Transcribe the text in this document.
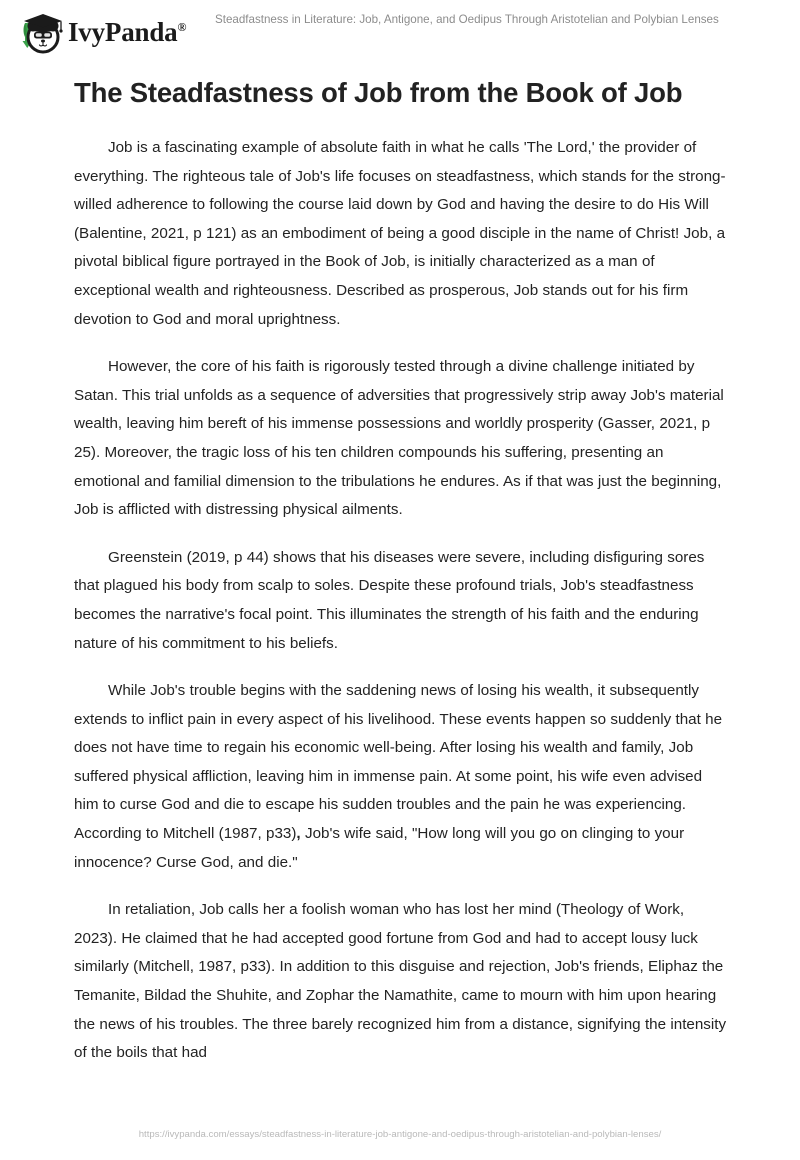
IvyPanda® Steadfastness in Literature: Job, Antigone, and Oedipus Through Aristotelian and Polybian Lenses
The Steadfastness of Job from the Book of Job

Job is a fascinating example of absolute faith in what he calls 'The Lord,' the provider of everything. The righteous tale of Job's life focuses on steadfastness, which stands for the strong-willed adherence to following the course laid down by God and having the desire to do His Will (Balentine, 2021, p 121) as an embodiment of being a good disciple in the name of Christ! Job, a pivotal biblical figure portrayed in the Book of Job, is initially characterized as a man of exceptional wealth and righteousness. Described as prosperous, Job stands out for his firm devotion to God and moral uprightness.

However, the core of his faith is rigorously tested through a divine challenge initiated by Satan. This trial unfolds as a sequence of adversities that progressively strip away Job's material wealth, leaving him bereft of his immense possessions and worldly prosperity (Gasser, 2021, p 25). Moreover, the tragic loss of his ten children compounds his suffering, presenting an emotional and familial dimension to the tribulations he endures. As if that was just the beginning, Job is afflicted with distressing physical ailments.

Greenstein (2019, p 44) shows that his diseases were severe, including disfiguring sores that plagued his body from scalp to soles. Despite these profound trials, Job's steadfastness becomes the narrative's focal point. This illuminates the strength of his faith and the enduring nature of his commitment to his beliefs.

While Job's trouble begins with the saddening news of losing his wealth, it subsequently extends to inflict pain in every aspect of his livelihood. These events happen so suddenly that he does not have time to regain his economic well-being. After losing his wealth and family, Job suffered physical affliction, leaving him in immense pain. At some point, his wife even advised him to curse God and die to escape his sudden troubles and the pain he was experiencing. According to Mitchell (1987, p33), Job's wife said, "How long will you go on clinging to your innocence? Curse God, and die."

In retaliation, Job calls her a foolish woman who has lost her mind (Theology of Work, 2023). He claimed that he had accepted good fortune from God and had to accept lousy luck similarly (Mitchell, 1987, p33). In addition to this disguise and rejection, Job's friends, Eliphaz the Temanite, Bildad the Shuhite, and Zophar the Namathite, came to mourn with him upon hearing the news of his troubles. The three barely recognized him from a distance, signifying the intensity of the boils that had

https://ivypanda.com/essays/steadfastness-in-literature-job-antigone-and-oedipus-through-aristotelian-and-polybian-lenses/
